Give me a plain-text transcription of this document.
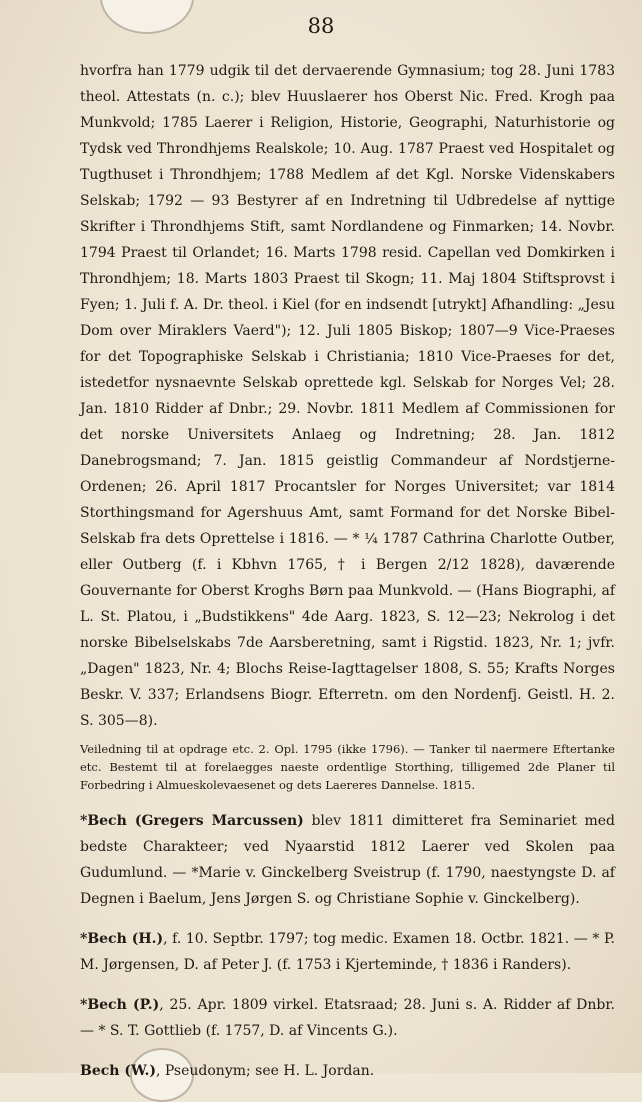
88

hvorfra han 1779 udgik til det dervaerende Gymnasium; tog 28. Juni 1783 theol. Attestats (n. c.); blev Huuslaerer hos Oberst Nic. Fred. Krogh paa Munkvold; 1785 Laerer i Religion, Historie, Geographi, Naturhistorie og Tydsk ved Throndhjems Realskole; 10. Aug. 1787 Praest ved Hospitalet og Tugthuset i Throndhjem; 1788 Medlem af det Kgl. Norske Videnskabers Selskab; 1792 — 93 Bestyrer af en Indretning til Udbredelse af nyttige Skrifter i Throndhjems Stift, samt Nordlandene og Finmarken; 14. Novbr. 1794 Praest til Orlandet; 16. Marts 1798 resid. Capellan ved Domkirken i Throndhjem; 18. Marts 1803 Praest til Skogn; 11. Maj 1804 Stiftsprovst i Fyen; 1. Juli f. A. Dr. theol. i Kiel (for en indsendt [utrykt] Afhandling: „Jesu Dom over Miraklers Vaerd"); 12. Juli 1805 Biskop; 1807—9 Vice-Praeses for det Topographiske Selskab i Christiania; 1810 Vice-Praeses for det, istedetfor nysnaevnte Selskab oprettede kgl. Selskab for Norges Vel; 28. Jan. 1810 Ridder af Dnbr.; 29. Novbr. 1811 Medlem af Commissionen for det norske Universitets Anlaeg og Indretning; 28. Jan. 1812 Danebrogsmand; 7. Jan. 1815 geistlig Commandeur af Nordstjerne-Ordenen; 26. April 1817 Procantsler for Norges Universitet; var 1814 Storthingsmand for Agershuus Amt, samt Formand for det Norske Bibel-Selskab fra dets Oprettelse i 1816. — * ¼ 1787 Cathrina Charlotte Outber, eller Outberg (f. i Kbhvn 1765, † i Bergen 2/12 1828), daværende Gouvernante for Oberst Kroghs Børn paa Munkvold. — (Hans Biographi, af L. St. Platou, i „Budstikkens" 4de Aarg. 1823, S. 12—23; Nekrolog i det norske Bibelselskabs 7de Aarsberetning, samt i Rigstid. 1823, Nr. 1; jvfr. „Dagen" 1823, Nr. 4; Blochs Reise-Iagttagelser 1808, S. 55; Krafts Norges Beskr. V. 337; Erlandsens Biogr. Efterretn. om den Nordenfj. Geistl. H. 2. S. 305—8).

Veiledning til at opdrage etc. 2. Opl. 1795 (ikke 1796). — Tanker til naermere Eftertanke etc. Bestemt til at forelaegges naeste ordentlige Storthing, tilligemed 2de Planer til Forbedring i Almueskolevaesenet og dets Laereres Dannelse. 1815.

*Bech (Gregers Marcussen) blev 1811 dimitteret fra Seminariet med bedste Charakteer; ved Nyaarstid 1812 Laerer ved Skolen paa Gudumlund. — *Marie v. Ginckelberg Sveistrup (f. 1790, naestyngste D. af Degnen i Baelum, Jens Jørgen S. og Christiane Sophie v. Ginckelberg).

*Bech (H.), f. 10. Septbr. 1797; tog medic. Examen 18. Octbr. 1821. — * P. M. Jørgensen, D. af Peter J. (f. 1753 i Kjerteminde, † 1836 i Randers).

*Bech (P.), 25. Apr. 1809 virkel. Etatsraad; 28. Juni s. A. Ridder af Dnbr. — * S. T. Gottlieb (f. 1757, D. af Vincents G.).

Bech (W.), Pseudonym; see H. L. Jordan.
